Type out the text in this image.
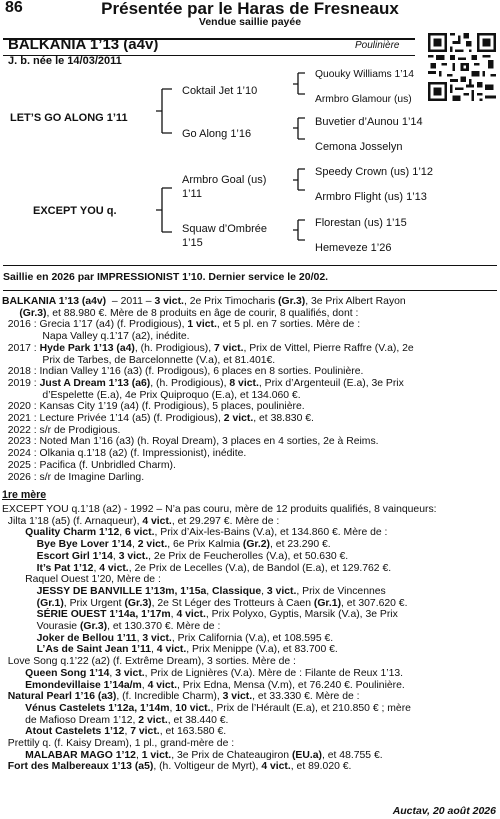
86	Présentée par le Haras de Fresneaux
Vendue saillie payée
BALKANIA 1’13 (a4v)	Poulinière
J. b. née le 14/03/2011
LET’S GO ALONG 1’11
EXCEPT YOU q.
Coktail Jet 1’10
Go Along 1’16
Armbro Goal (us)
1’11
Squaw d’Ombrée
1’15
Quouky Williams 1’14
Armbro Glamour (us)
Buvetier d’Aunou 1’14
Cemona Josselyn
Speedy Crown (us) 1’12
Armbro Flight (us) 1’13
Florestan (us) 1’15
Hemeveze 1’26
Saillie en 2026 par IMPRESSIONIST 1’10. Dernier service le 20/02.
BALKANIA 1’13 (a4v)  – 2011 – 3 vict., 2e Prix Timocharis (Gr.3), 3e Prix Albert Rayon
(Gr.3), et 88.980 €. Mère de 8 produits en âge de courir, 8 qualifiés, dont :
2016 : Grecia 1’17 (a4) (f. Prodigious), 1 vict., et 5 pl. en 7 sorties. Mère de :
Napa Valley q.1’17 (a2), inédite.
2017 : Hyde Park 1’13 (a4), (h. Prodigious), 7 vict., Prix de Vittel, Pierre Raffre (V.a), 2e
Prix de Tarbes, de Barcelonnette (V.a), et 81.401€.
2018 : Indian Valley 1’16 (a3) (f. Prodigous), 6 places en 8 sorties. Poulinière.
2019 : Just A Dream 1’13 (a6), (h. Prodigious), 8 vict., Prix d’Argenteuil (E.a), 3e Prix
d’Espelette (E.a), 4e Prix Quiproquo (E.a), et 134.060 €.
2020 : Kansas City 1’19 (a4) (f. Prodigious), 5 places, poulinière.
2021 : Lecture Privée 1’14 (a5) (f. Prodigious), 2 vict., et 38.830 €.
2022 : s/r de Prodigious.
2023 : Noted Man 1’16 (a3) (h. Royal Dream), 3 places en 4 sorties, 2e à Reims.
2024 : Olkania q.1’18 (a2) (f. Impressionist), inédite.
2025 : Pacifica (f. Unbridled Charm).
2026 : s/r de Imagine Darling.
1re mère
EXCEPT YOU q.1’18 (a2) - 1992 – N’a pas couru, mère de 12 produits qualifiés, 8 vainqueurs:
Jilta 1’18 (a5) (f. Arnaqueur), 4 vict., et 29.297 €. Mère de :
Quality Charm 1’12, 6 vict., Prix d’Aix-les-Bains (V.a), et 134.860 €. Mère de :
Bye Bye Lover 1’14, 2 vict., 6e Prix Kalmia (Gr.2), et 23.290 €.
Escort Girl 1’14, 3 vict., 2e Prix de Feucherolles (V.a), et 50.630 €.
It’s Pat 1’12, 4 vict., 2e Prix de Lecelles (V.a), de Bandol (E.a), et 129.762 €.
Raquel Ouest 1’20, Mère de :
JESSY DE BANVILLE 1’13m, 1’15a, Classique, 3 vict., Prix de Vincennes
(Gr.1), Prix Urgent (Gr.3), 2e St Léger des Trotteurs à Caen (Gr.1), et 307.620 €.
SÉRIE OUEST 1’14a, 1’17m, 4 vict., Prix Polyxo, Gyptis, Marsik (V.a), 3e Prix
Vourasie (Gr.3), et 130.370 €. Mère de :
Joker de Bellou 1’11, 3 vict., Prix California (V.a), et 108.595 €.
L’As de Saint Jean 1’11, 4 vict., Prix Menippe (V.a), et 83.700 €.
Love Song q.1’22 (a2) (f. Extrême Dream), 3 sorties. Mère de :
Queen Song 1’14, 3 vict., Prix de Lignières (V.a). Mère de : Filante de Reux 1’13.
Emondevillaise 1’14a/m, 4 vict., Prix Edna, Mensa (V.m), et 76.240 €. Poulinière.
Natural Pearl 1’16 (a3), (f. Incredible Charm), 3 vict., et 33.330 €. Mère de :
Vénus Castelets 1’12a, 1’14m, 10 vict., Prix de l’Hérault (E.a), et 210.850 € ; mère
de Mafioso Dream 1’12, 2 vict., et 38.440 €.
Atout Castelets 1’12, 7 vict., et 163.580 €.
Prettily q. (f. Kaisy Dream), 1 pl., grand-mère de :
MALABAR MAGO 1’12, 1 vict., 3e Prix de Chateaugiron (EU.a), et 48.755 €.
Fort des Malbereaux 1’13 (a5), (h. Voltigeur de Myrt), 4 vict., et 89.020 €.
Auctav, 20 août 2026
